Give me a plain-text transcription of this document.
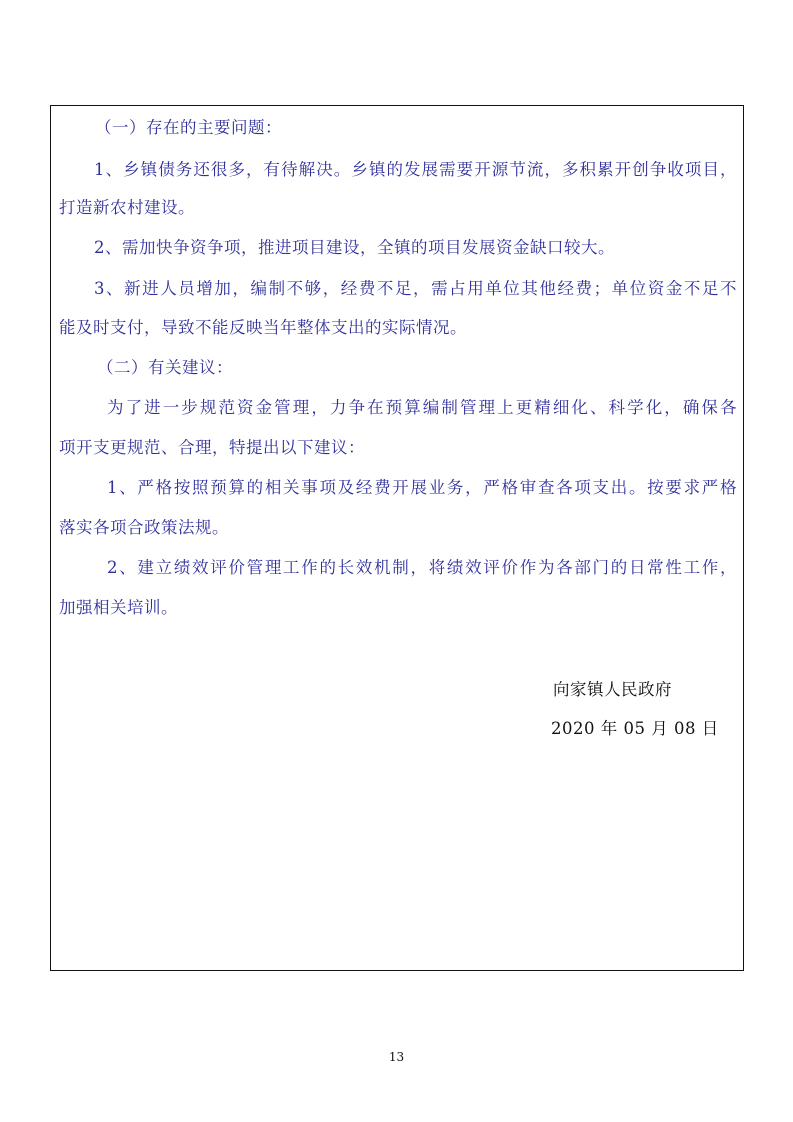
（一）存在的主要问题：
1、乡镇债务还很多，有待解决。乡镇的发展需要开源节流，多积累开创争收项目，
打造新农村建设。
2、需加快争资争项，推进项目建设，全镇的项目发展资金缺口较大。
3、新进人员增加，编制不够，经费不足，需占用单位其他经费；单位资金不足不
能及时支付，导致不能反映当年整体支出的实际情况。
（二）有关建议：
为了进一步规范资金管理，力争在预算编制管理上更精细化、科学化，确保各
项开支更规范、合理，特提出以下建议：
1、严格按照预算的相关事项及经费开展业务，严格审查各项支出。按要求严格
落实各项合政策法规。
2、建立绩效评价管理工作的长效机制，将绩效评价作为各部门的日常性工作，
加强相关培训。
向家镇人民政府
2020 年 05 月 08 日
13
